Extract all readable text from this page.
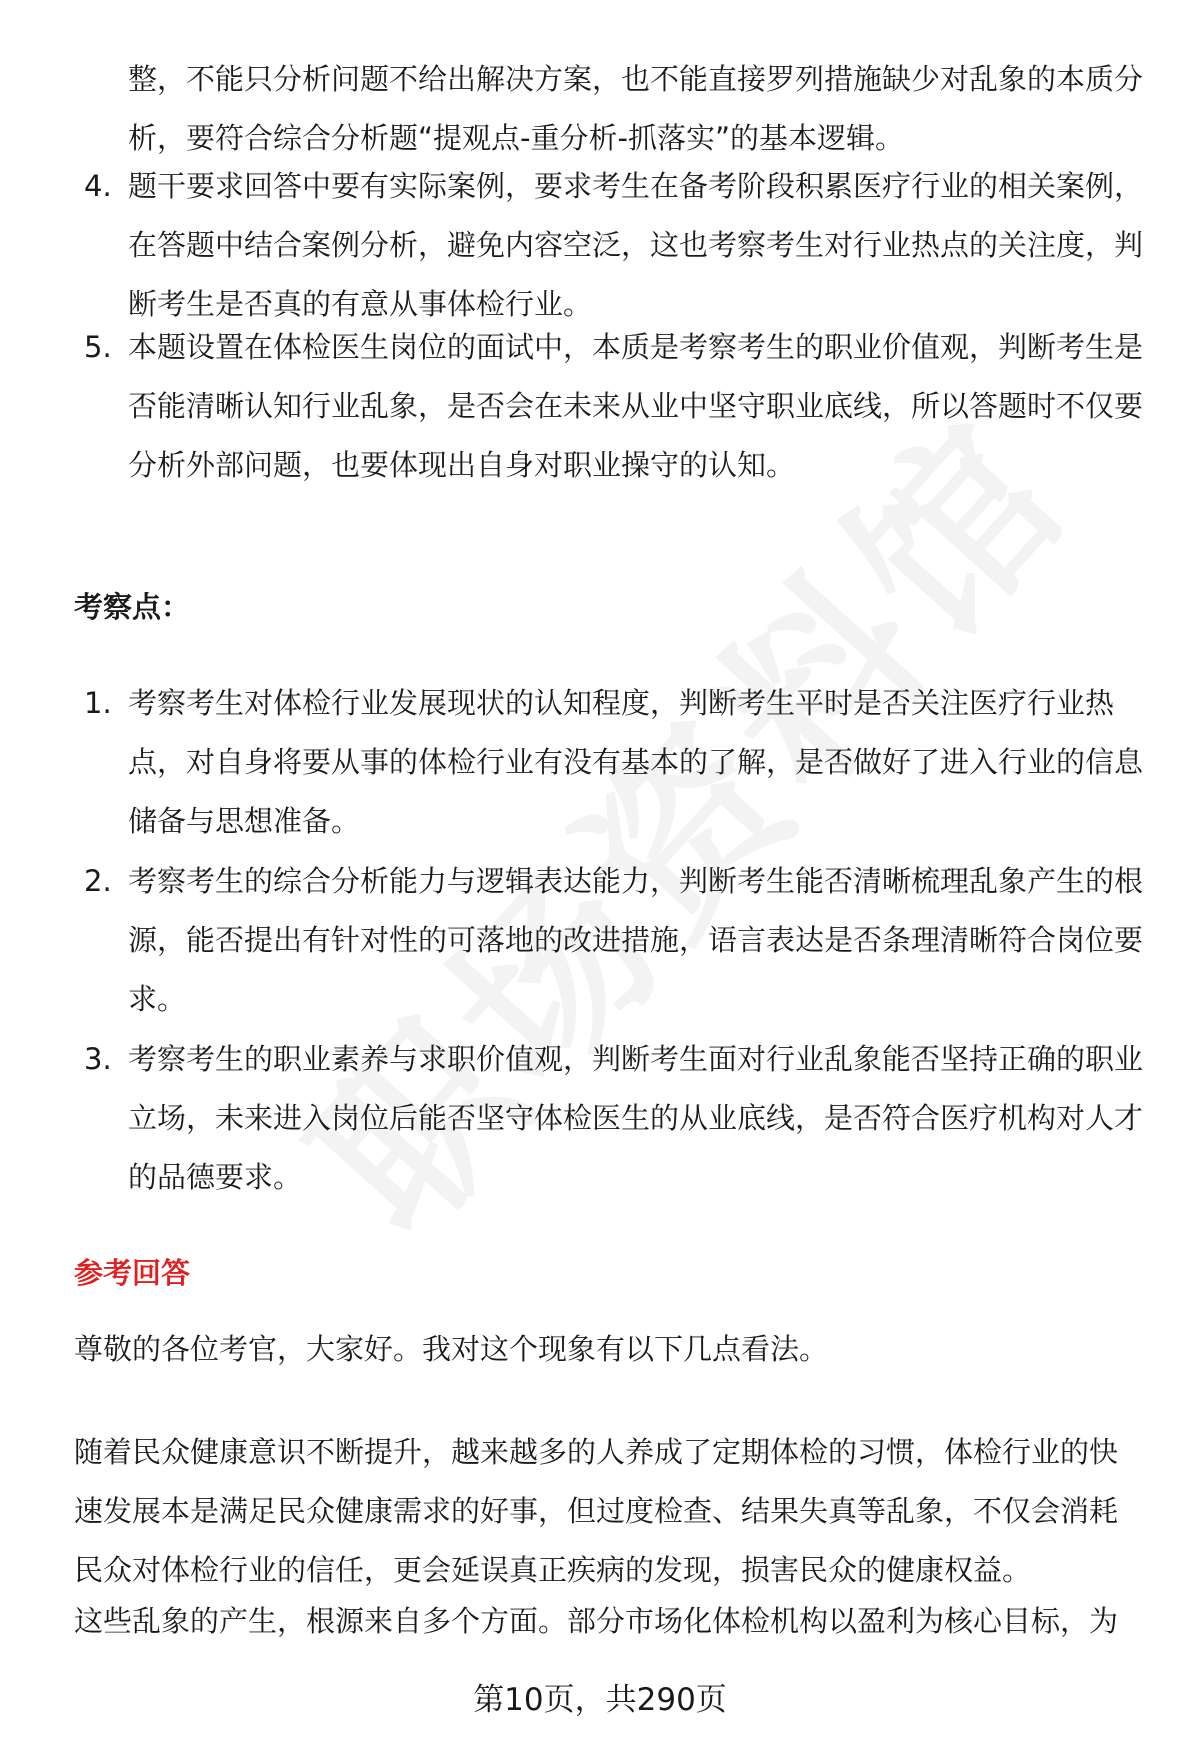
整，不能只分析问题不给出解决方案，也不能直接罗列措施缺少对乱象的本质分析，要符合综合分析题“提观点-重分析-抓落实”的基本逻辑。
4. 题干要求回答中要有实际案例，要求考生在备考阶段积累医疗行业的相关案例，在答题中结合案例分析，避免内容空泛，这也考察考生对行业热点的关注度，判断考生是否真的有意从事体检行业。
5. 本题设置在体检医生岗位的面试中，本质是考察考生的职业价值观，判断考生是否能清晰认知行业乱象，是否会在未来从业中坚守职业底线，所以答题时不仅要分析外部问题，也要体现出自身对职业操守的认知。
考察点：
1. 考察考生对体检行业发展现状的认知程度，判断考生平时是否关注医疗行业热点，对自身将要从事的体检行业有没有基本的了解，是否做好了进入行业的信息储备与思想准备。
2. 考察考生的综合分析能力与逻辑表达能力，判断考生能否清晰梳理乱象产生的根源，能否提出有针对性的可落地的改进措施，语言表达是否条理清晰符合岗位要求。
3. 考察考生的职业素养与求职价值观，判断考生面对行业乱象能否坚持正确的职业立场，未来进入岗位后能否坚守体检医生的从业底线，是否符合医疗机构对人才的品德要求。
参考回答
尊敬的各位考官，大家好。我对这个现象有以下几点看法。
随着民众健康意识不断提升，越来越多的人养成了定期体检的习惯，体检行业的快速发展本是满足民众健康需求的好事，但过度检查、结果失真等乱象，不仅会消耗民众对体检行业的信任，更会延误真正疾病的发现，损害民众的健康权益。
这些乱象的产生，根源来自多个方面。部分市场化体检机构以盈利为核心目标，为
第10页，共290页
